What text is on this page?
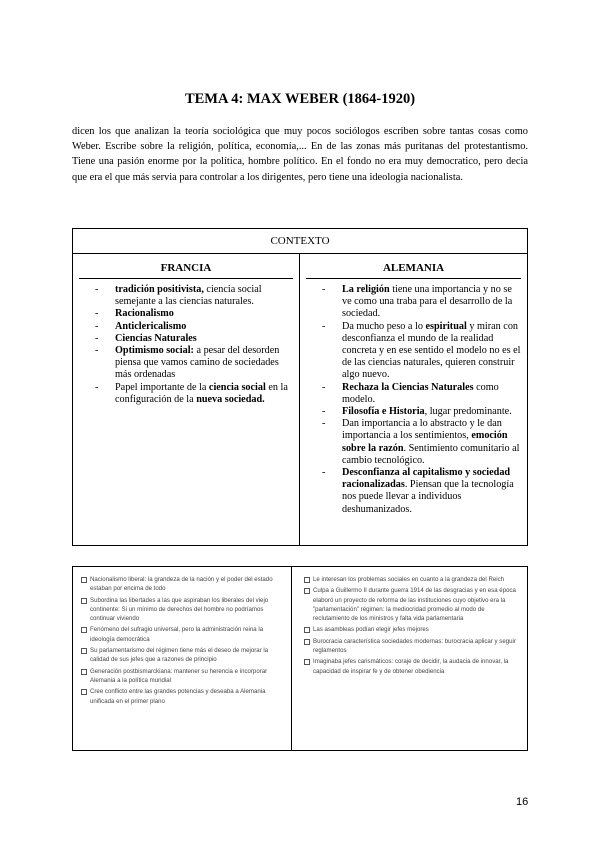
TEMA 4: MAX WEBER (1864-1920)
dicen los que analizan la teoría sociológica que muy pocos sociólogos escriben sobre tantas cosas como Weber. Escribe sobre la religión, política, economía,... En de las zonas más puritanas del protestantismo. Tiene una pasión enorme por la política, hombre político. En el fondo no era muy democratico, pero decia que era el que más servia para controlar a los dirigentes, pero tiene una ideologia nacionalista.
CONTEXTO
FRANCIA
- tradición positivista, ciencia social semejante a las ciencias naturales.
- Racionalismo
- Anticlericalismo
- Ciencias Naturales
- Optimismo social: a pesar del desorden piensa que vamos camino de sociedades más ordenadas
- Papel importante de la ciencia social en la configuración de la nueva sociedad.
ALEMANIA
- La religión tiene una importancia y no se ve como una traba para el desarrollo de la sociedad.
- Da mucho peso a lo espiritual y miran con desconfianza el mundo de la realidad concreta y en ese sentido el modelo no es el de las ciencias naturales, quieren construir algo nuevo.
- Rechaza la Ciencias Naturales como modelo.
- Filosofía e Historia, lugar predominante.
- Dan importancia a lo abstracto y le dan importancia a los sentimientos, emoción sobre la razón. Sentimiento comunitario al cambio tecnológico.
- Desconfianza al capitalismo y sociedad racionalizadas. Piensan que la tecnología nos puede llevar a individuos deshumanizados.
Nacionalismo liberal: la grandeza de la nación y el poder del estado estaban por encima de todo
Subordina las libertades a las que aspiraban los liberales del viejo continente: Si un mínimo de derechos del hombre no podríamos continuar viviendo
Fenómeno del sufragio universal, pero la administración reina la ideología democrática
Su parlamentarismo del régimen tiene más el deseo de mejorar la calidad de sus jefes que a razones de principio
Generación postbismarckiana: mantener su herencia e incorporar Alemania a la política mundial
Cree conflicto entre las grandes potencias y deseaba a Alemania unificada en el primer plano
Le interesan los problemas sociales en cuanto a la grandeza del Reich
Culpa a Guillermo II durante guerra 1914 de las desgracias y en esa época elaboró un proyecto de reforma de las instituciones cuyo objetivo era la "parlamentación" régimen: la mediocridad promedio al modo de reclutamiento de los ministros y falta vida parlamentaria
Las asambleas podían elegir jefes mejores
Burocracia característica sociedades modernas: burocracia aplicar y seguir reglamentos
Imaginaba jefes carismáticos: coraje de decidir, la audacia de innovar, la capacidad de inspirar fe y de obtener obediencia
16
